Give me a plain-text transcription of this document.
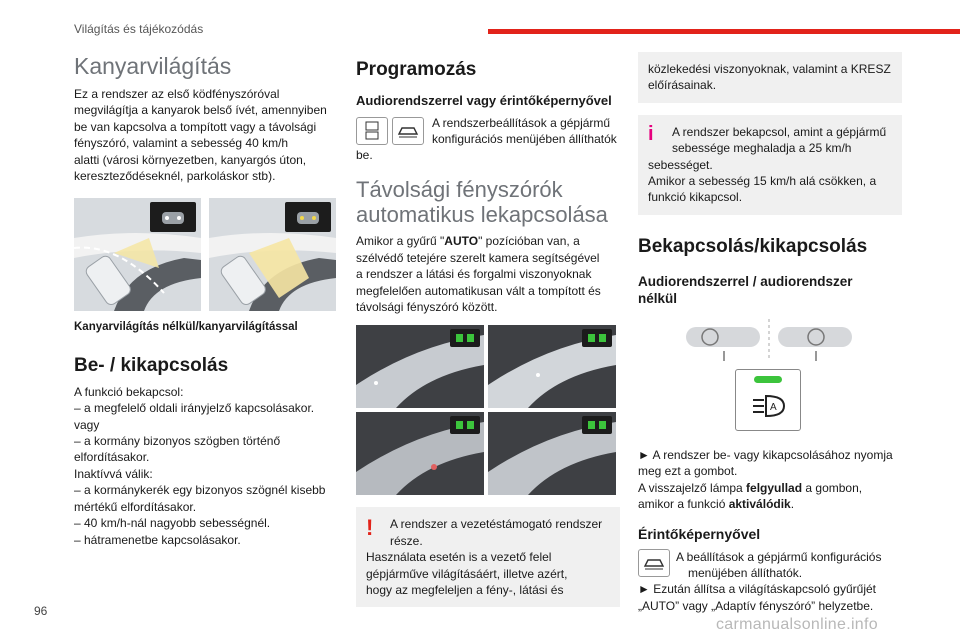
Világítás és tájékozódás
Kanyarvilágítás

Ez a rendszer az első ködfényszóróval

megvilágítja a kanyarok belső ívét, amennyiben

be van kapcsolva a tompított vagy a távolsági

fényszóró, valamint a sebesség 40 km/h

alatti (városi környezetben, kanyargós úton,

kereszteződéseknél, parkoláskor stb).

Kanyarvilágítás nélkül/kanyarvilágítással

Be- / kikapcsolás

A funkció bekapcsol:

– a megfelelő oldali irányjelző kapcsolásakor.

vagy

– a kormány bizonyos szögben történő

elfordításakor.

Inaktívvá válik:

– a kormánykerék egy bizonyos szögnél kisebb

mértékű elfordításakor.

– 40 km/h-nál nagyobb sebességnél.

– hátramenetbe kapcsolásakor.

Programozás
Audiorendszerrel vagy érintőképernyővel

A rendszerbeállítások a gépjármű

konfigurációs menüjében állíthatók

be.

Távolsági fényszórók
automatikus lekapcsolása

Amikor a gyűrű "AUTO" pozícióban van, a

szélvédő tetejére szerelt kamera segítségével

a rendszer a látási és forgalmi viszonyoknak

megfelelően automatikusan vált a tompított és

távolsági fényszóró között.

!	A rendszer a vezetéstámogató rendszer

része.

Használata esetén is a vezető felel

gépjárműve világításáért, illetve azért,

hogy az megfeleljen a fény-, látási és

közlekedési viszonyoknak, valamint a KRESZ

előírásainak.

i	A rendszer bekapcsol, amint a gépjármű

sebessége meghaladja a 25 km/h

sebességet.

Amikor a sebesség 15 km/h alá csökken, a

funkció kikapcsol.

Bekapcsolás/kikapcsolás
Audiorendszerrel / audiorendszer
nélkül
A

► A rendszer be- vagy kikapcsolásához nyomja

meg ezt a gombot.

A visszajelző lámpa felgyullad a gombon,

amikor a funkció aktiválódik.

Érintőképernyővel

A beállítások a gépjármű konfigurációs

menüjében állíthatók.

► Ezután állítsa a világításkapcsoló gyűrűjét

„AUTO” vagy „Adaptív fényszóró” helyzetbe.

96
carmanualsonline.info
